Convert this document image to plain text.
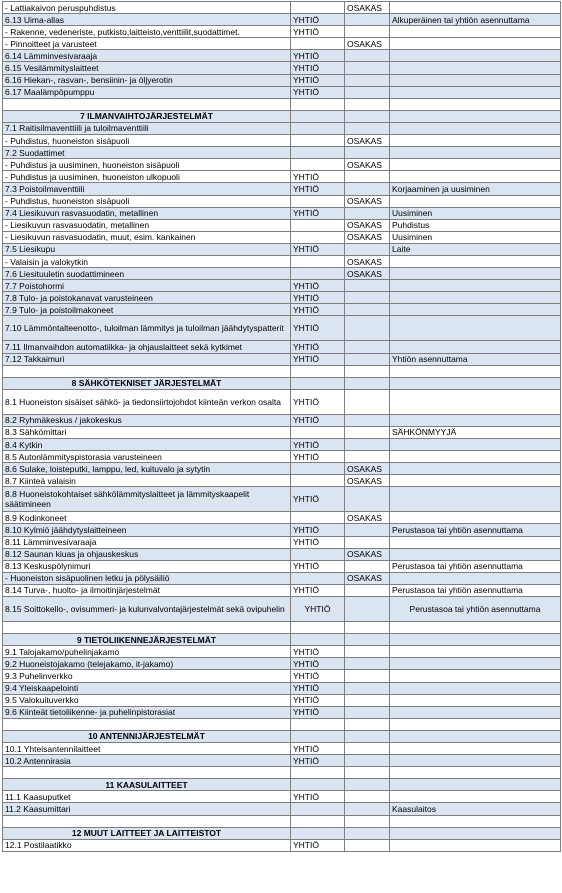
- Lattiakaivon peruspuhdistus		OSAKAS	
6.13 Uima-allas	YHTIÖ		Alkuperäinen tai yhtiön asennuttama
- Rakenne, vedeneriste, putkisto,laitteisto,venttiilit,suodattimet.	YHTIÖ		
- Pinnoitteet ja varusteet		OSAKAS	
6.14 Lämminvesivaraaja	YHTIÖ		
6.15 Vesilämmityslaitteet	YHTIÖ		
6.16 Hiekan-, rasvan-, bensiinin- ja öljyerotin	YHTIÖ		
6.17 Maalämpöpumppu	YHTIÖ		

7 ILMANVAIHTOJÄRJESTELMÄT			
7.1 Raitisilmaventtiili ja tuloilmaventtiili			
- Puhdistus, huoneiston sisäpuoli		OSAKAS	
7.2 Suodattimet			
- Puhdistus ja uusiminen, huoneiston sisäpuoli		OSAKAS	
- Puhdistus ja uusiminen, huoneiston ulkopuoli	YHTIÖ		
7.3 Poistoilmaventtiili	YHTIÖ		Korjaaminen ja uusiminen
- Puhdistus, huoneiston sisäpuoli		OSAKAS	
7.4 Liesikuvun rasvasuodatin, metallinen	YHTIÖ		Uusiminen
- Liesikuvun rasvasuodatin, metallinen		OSAKAS	Puhdistus
- Liesikuvun rasvasuodatin, muut, esim. kankainen		OSAKAS	Uusiminen
7.5 Liesikupu	YHTIÖ		Laite
- Valaisin ja valokytkin		OSAKAS	
7.6 Liesituuletin suodattimineen		OSAKAS	
7.7 Poistohormi	YHTIÖ		
7.8 Tulo- ja poistokanavat varusteineen	YHTIÖ		
7.9 Tulo- ja poistoilmakoneet	YHTIÖ		
7.10 Lämmöntalteenotto-, tuloilman lämmitys ja tuloilman jäähdytyspatterit	YHTIÖ		
7.11 Ilmanvaihdon automatiikka- ja ohjauslaitteet sekä kytkimet	YHTIÖ		
7.12 Takkaimuri	YHTIÖ		Yhtiön asennuttama

8 SÄHKÖTEKNISET JÄRJESTELMÄT			
8.1 Huoneiston sisäiset sähkö- ja tiedonsiirtojohdot kiinteän verkon osalta	YHTIÖ		
8.2 Ryhmäkeskus / jakokeskus	YHTIÖ		
8.3 Sähkömittari			SÄHKÖNMYYJÄ
8.4 Kytkin	YHTIÖ		
8.5 Autonlämmityspistorasia varusteineen	YHTIÖ		
8.6 Sulake, loisteputki, lamppu, led, kuituvalo ja sytytin		OSAKAS	
8.7 Kiinteä valaisin		OSAKAS	
8.8 Huoneistokohtaiset sähkölämmityslaitteet ja lämmityskaapelit säätimineen	YHTIÖ		
8.9 Kodinkoneet		OSAKAS	
8.10 Kylmiö jäähdytyslaitteineen	YHTIÖ		Perustasoa tai yhtiön asennuttama
8.11 Lämminvesivaraaja	YHTIÖ		
8.12 Saunan kiuas ja ohjauskeskus		OSAKAS	
8.13 Keskuspölynimuri	YHTIÖ		Perustasoa tai yhtiön asennuttama
- Huoneiston sisäpuolinen letku ja pölysäiliö		OSAKAS	
8.14 Turva-, huolto- ja ilmoitinjärjestelmät	YHTIÖ		Perustasoa tai yhtiön asennuttama
8.15 Soittokello-, ovisummeri- ja kulunvalvontajärjestelmät sekä ovipuhelin	YHTIÖ		Perustasoa tai yhtiön asennuttama

9 TIETOLIIKENNEJÄRJESTELMÄT			
9.1 Talojakamo/puhelinjakamo	YHTIÖ		
9.2 Huoneistojakamo (telejakamo, it-jakamo)	YHTIÖ		
9.3 Puhelinverkko	YHTIÖ		
9.4 Yleiskaapelointi	YHTIÖ		
9.5 Valokuituverkko	YHTIÖ		
9.6 Kiinteät tietoliikenne- ja puhelinpistorasiat	YHTIÖ		

10 ANTENNIJÄRJESTELMÄT			
10.1 Yhteisantennilaitteet	YHTIÖ		
10.2 Antennirasia	YHTIÖ		

11 KAASULAITTEET			
11.1 Kaasuputket	YHTIÖ		
11.2 Kaasumittari			Kaasulaitos

12 MUUT LAITTEET JA LAITTEISTOT			
12.1 Postilaatikko	YHTIÖ		
